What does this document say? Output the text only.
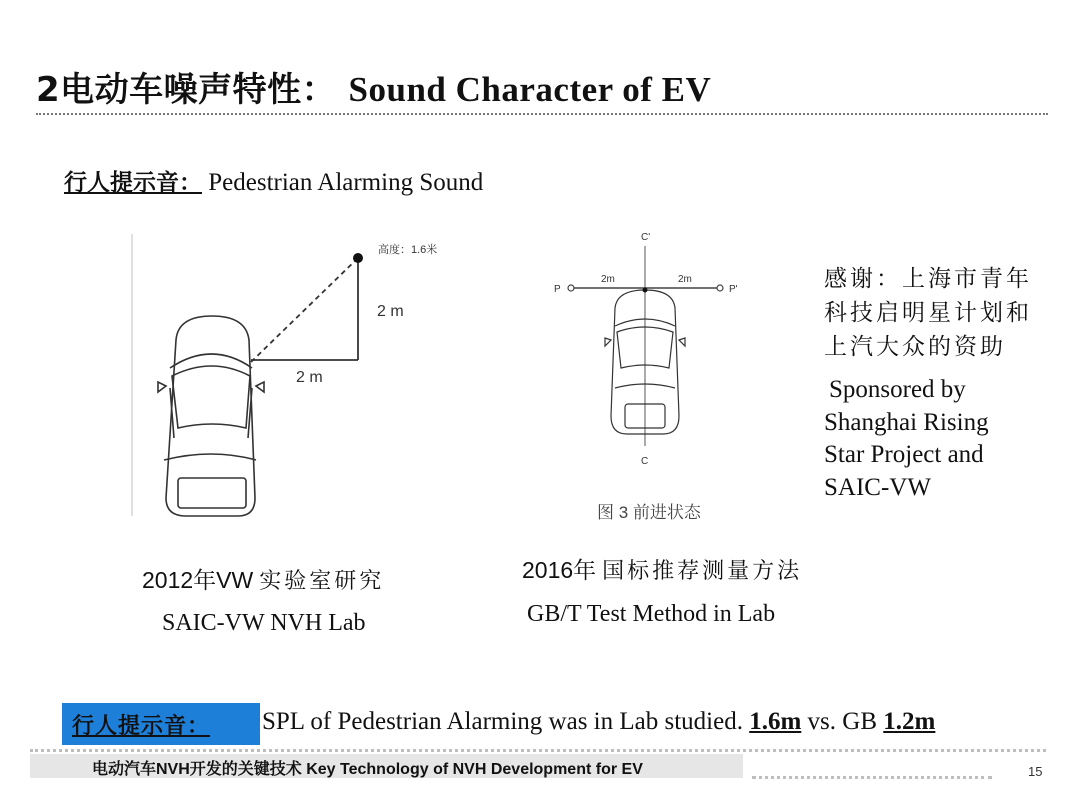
2电动车噪声特性： Sound Character of EV
行人提示音： Pedestrian Alarming Sound
高度：1.6米
2 m
2 m
2012年VW 实验室研究
SAIC-VW NVH Lab
C'
C
P	P'
2m	2m
图 3 前进状态
2016年 国标推荐测量方法
GB/T Test Method in Lab
感谢：上海市青年
科技启明星计划和
上汽大众的资助
Sponsored by
Shanghai Rising
Star Project and
SAIC-VW
行人提示音： SPL of Pedestrian Alarming was in Lab studied. 1.6m vs. GB 1.2m
电动汽车NVH开发的关键技术 Key Technology of NVH Development for EV	15
